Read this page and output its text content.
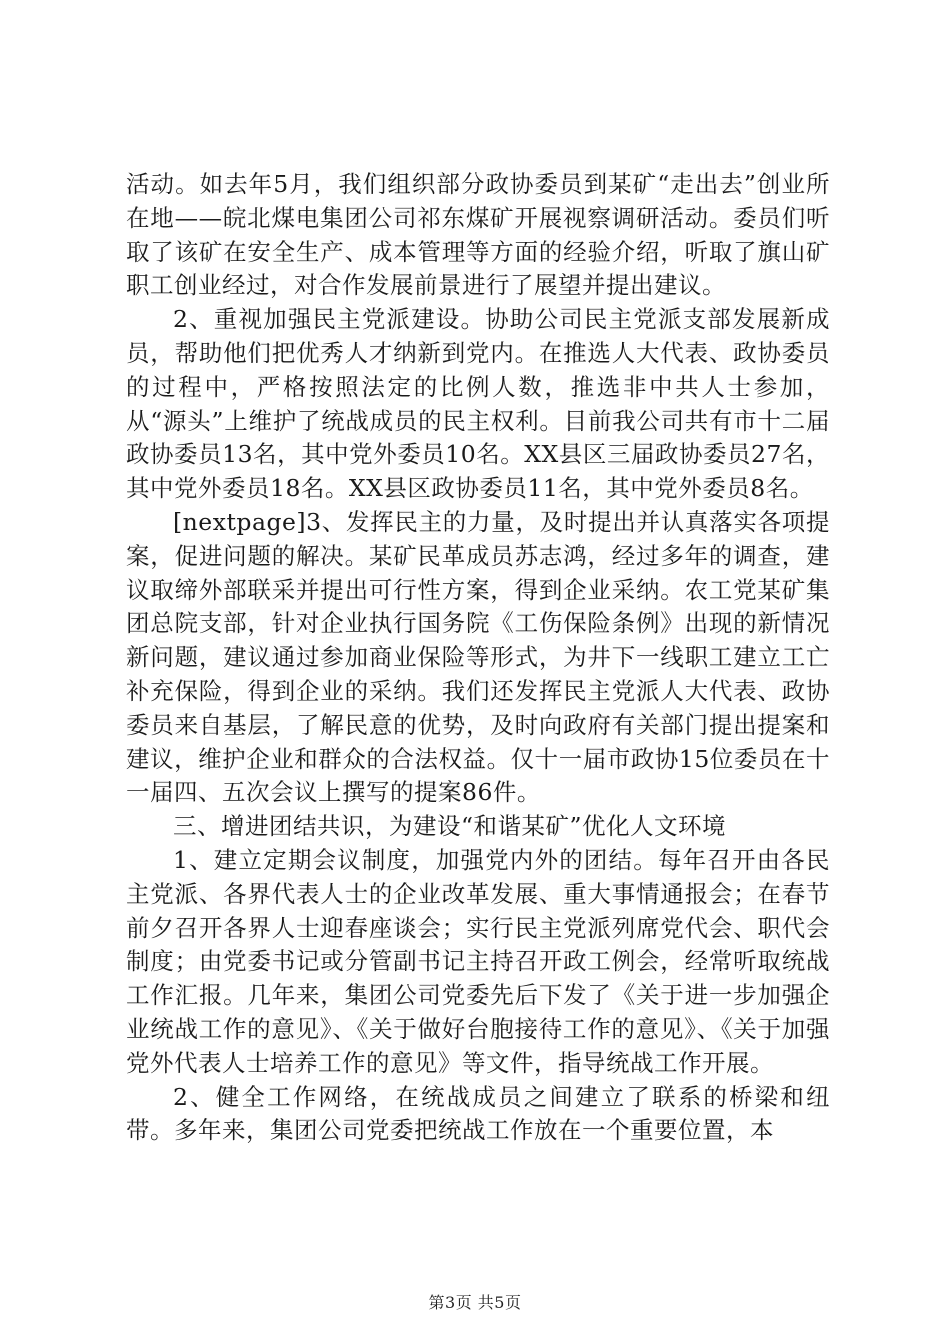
活动。如去年5月，我们组织部分政协委员到某矿“走出去”创业所在地——皖北煤电集团公司祁东煤矿开展视察调研活动。委员们听取了该矿在安全生产、成本管理等方面的经验介绍，听取了旗山矿职工创业经过，对合作发展前景进行了展望并提出建议。

2、重视加强民主党派建设。协助公司民主党派支部发展新成员，帮助他们把优秀人才纳新到党内。在推选人大代表、政协委员的过程中，严格按照法定的比例人数，推选非中共人士参加，从“源头”上维护了统战成员的民主权利。目前我公司共有市十二届政协委员13名，其中党外委员10名。XX县区三届政协委员27名，其中党外委员18名。XX县区政协委员11名，其中党外委员8名。

[nextpage]3、发挥民主的力量，及时提出并认真落实各项提案，促进问题的解决。某矿民革成员苏志鸿，经过多年的调查，建议取缔外部联采并提出可行性方案，得到企业采纳。农工党某矿集团总院支部，针对企业执行国务院《工伤保险条例》出现的新情况新问题，建议通过参加商业保险等形式，为井下一线职工建立工亡补充保险，得到企业的采纳。我们还发挥民主党派人大代表、政协委员来自基层，了解民意的优势，及时向政府有关部门提出提案和建议，维护企业和群众的合法权益。仅十一届市政协15位委员在十一届四、五次会议上撰写的提案86件。

三、增进团结共识，为建设“和谐某矿”优化人文环境

1、建立定期会议制度，加强党内外的团结。每年召开由各民主党派、各界代表人士的企业改革发展、重大事情通报会；在春节前夕召开各界人士迎春座谈会；实行民主党派列席党代会、职代会制度；由党委书记或分管副书记主持召开政工例会，经常听取统战工作汇报。几年来，集团公司党委先后下发了《关于进一步加强企业统战工作的意见》、《关于做好台胞接待工作的意见》、《关于加强党外代表人士培养工作的意见》等文件，指导统战工作开展。

2、健全工作网络，在统战成员之间建立了联系的桥梁和纽带。多年来，集团公司党委把统战工作放在一个重要位置，本

第3页 共5页
